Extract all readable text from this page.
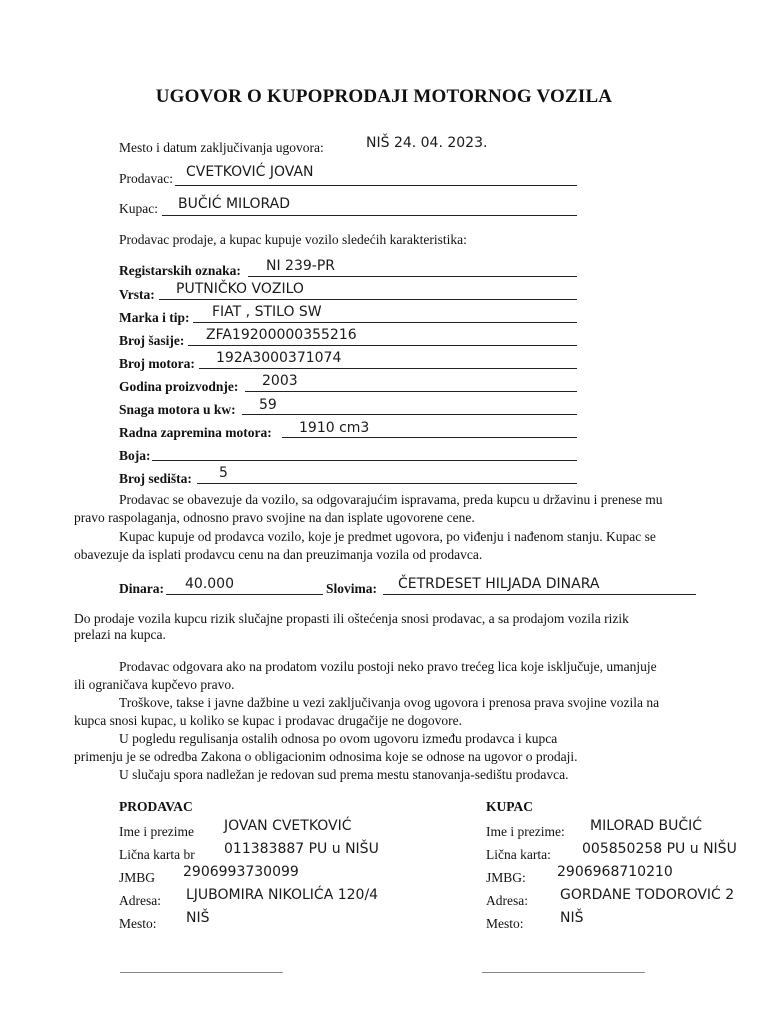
UGOVOR O KUPOPRODAJI MOTORNOG VOZILA
Mesto i datum zaključivanja ugovora:	NIŠ 24. 04. 2023.
Prodavac: CVETKOVIĆ JOVAN
Kupac: BUČIĆ MILORAD
Prodavac prodaje, a kupac kupuje vozilo sledećih karakteristika:
Registarskih oznaka: NI 239-PR
Vrsta: PUTNIČKO VOZILO
Marka i tip: FIAT , STILO SW
Broj šasije: ZFA19200000355216
Broj motora: 192A3000371074
Godina proizvodnje: 2003
Snaga motora u kw: 59
Radna zapremina motora: 1910 cm3
Boja:
Broj sedišta: 5
Prodavac se obavezuje da vozilo, sa odgovarajućim ispravama, preda kupcu u državinu i prenese mu
pravo raspolaganja, odnosno pravo svojine na dan isplate ugovorene cene.
Kupac kupuje od prodavca vozilo, koje je predmet ugovora, po viđenju i nađenom stanju. Kupac se
obavezuje da isplati prodavcu cenu na dan preuzimanja vozila od prodavca.
Dinara: 40.000	Slovima: ČETRDESET HILJADA DINARA
Do prodaje vozila kupcu rizik slučajne propasti ili oštećenja snosi prodavac, a sa prodajom vozila rizik
prelazi na kupca.
Prodavac odgovara ako na prodatom vozilu postoji neko pravo trećeg lica koje isključuje, umanjuje
ili ograničava kupčevo pravo.
Troškove, takse i javne dažbine u vezi zaključivanja ovog ugovora i prenosa prava svojine vozila na
kupca snosi kupac, u koliko se kupac i prodavac drugačije ne dogovore.
U pogledu regulisanja ostalih odnosa po ovom ugovoru između prodavca i kupca
primenju je se odredba Zakona o obligacionim odnosima koje se odnose na ugovor o prodaji.
U slučaju spora nadležan je redovan sud prema mestu stanovanja-sedištu prodavca.
PRODAVAC
Ime i prezime JOVAN CVETKOVIĆ
Lična karta br 011383887 PU u NIŠU
JMBG 2906993730099
Adresa: LJUBOMIRA NIKOLIĆA 120/4
Mesto: NIŠ
KUPAC
Ime i prezime: MILORAD BUČIĆ
Lična karta: 005850258 PU u NIŠU
JMBG: 2906968710210
Adresa: GORDANE TODOROVIĆ 2
Mesto:	NIŠ
